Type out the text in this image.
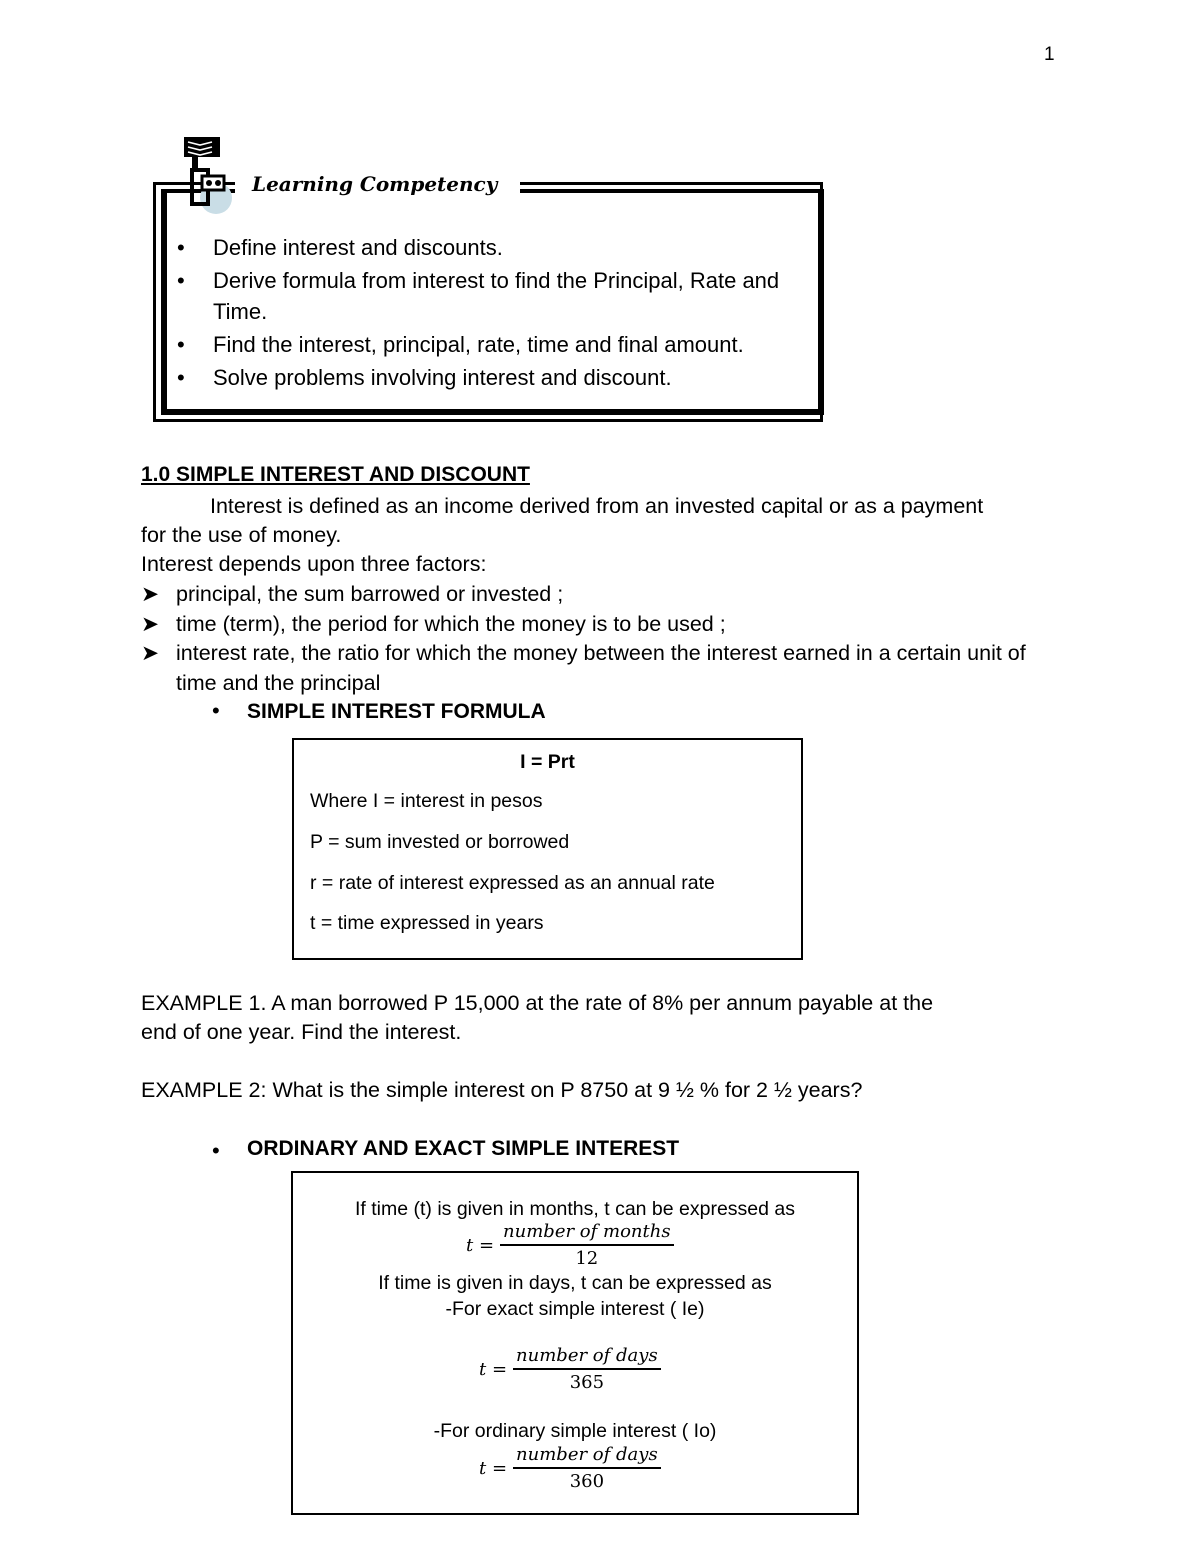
1
Learning Competency
• Define interest and discounts.
• Derive formula from interest to find the Principal, Rate and Time.
• Find the interest, principal, rate, time and final amount.
• Solve problems involving interest and discount.
1.0 SIMPLE INTEREST AND DISCOUNT
Interest is defined as an income derived from an invested capital or as a payment
for the use of money.
Interest depends upon three factors:
➤ principal, the sum barrowed or invested ;
➤ time (term), the period for which the money is to be used ;
➤ interest rate, the ratio for which the money between the interest earned in a certain unit of time and the principal
• SIMPLE INTEREST FORMULA
I = Prt
Where I = interest in pesos
P = sum invested or borrowed
r = rate of interest expressed as an annual rate
t = time expressed in years
EXAMPLE 1. A man borrowed P 15,000 at the rate of 8% per annum payable at the
end of one year. Find the interest.
EXAMPLE 2: What is the simple interest on P 8750 at 9 ½ % for 2 ½ years?
• ORDINARY AND EXACT SIMPLE INTEREST
If time (t) is given in months, t can be expressed as
$t = \frac{\text{number of months}}{12}$
If time is given in days, t can be expressed as
-For exact simple interest ( Ie)
$t = \frac{\text{number of days}}{365}$
-For ordinary simple interest ( Io)
$t = \frac{\text{number of days}}{360}$
